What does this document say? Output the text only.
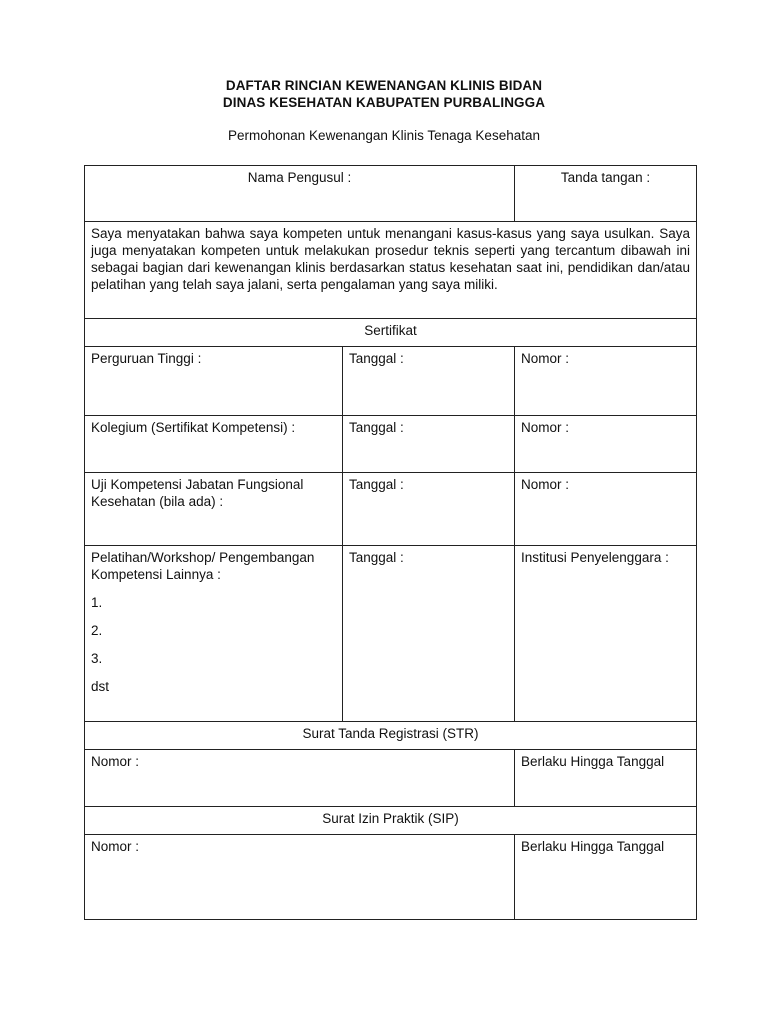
DAFTAR RINCIAN KEWENANGAN KLINIS BIDAN
DINAS KESEHATAN KABUPATEN PURBALINGGA
Permohonan Kewenangan Klinis Tenaga Kesehatan
Nama Pengusul :		Tanda tangan :
Saya menyatakan bahwa saya kompeten untuk menangani kasus-kasus yang saya usulkan. Saya juga menyatakan kompeten untuk melakukan prosedur teknis seperti yang tercantum dibawah ini sebagai bagian dari kewenangan klinis berdasarkan status kesehatan saat ini, pendidikan dan/atau pelatihan yang telah saya jalani, serta pengalaman yang saya miliki.		
Sertifikat		
Perguruan Tinggi :	Tanggal :	Nomor :
Kolegium (Sertifikat Kompetensi) :	Tanggal :	Nomor :
Uji Kompetensi Jabatan Fungsional Kesehatan (bila ada) :	Tanggal :	Nomor :

Pelatihan/Workshop/ Pengembangan Kompetensi Lainnya :
1.
2.
3.
dst	Tanggal :	Institusi Penyelenggara :
Surat Tanda Registrasi (STR)		
Nomor :		Berlaku Hingga Tanggal
Surat Izin Praktik (SIP)		
Nomor :		Berlaku Hingga Tanggal
